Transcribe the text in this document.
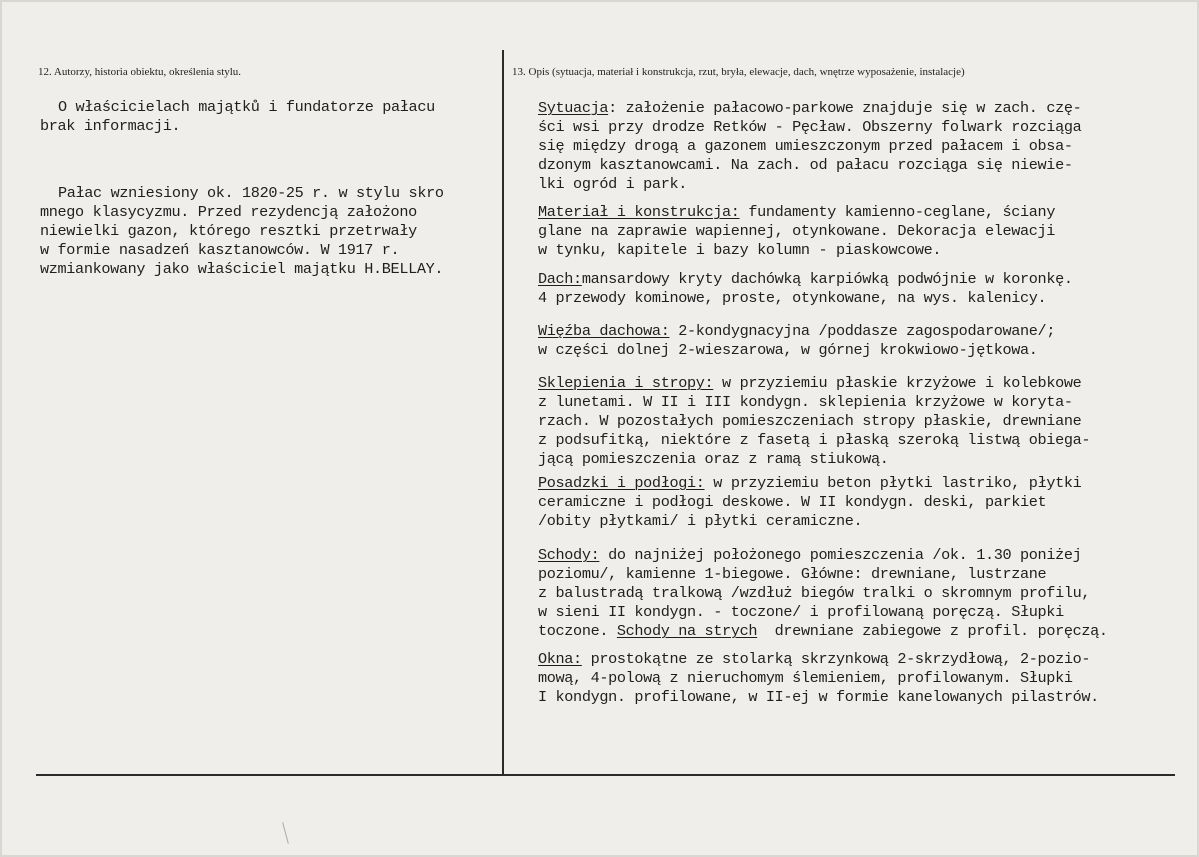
12. Autorzy, historia obiektu, określenia stylu.	13. Opis (sytuacja, materiał i konstrukcja, rzut, bryła, elewacje, dach, wnętrze wyposażenie, instalacje)
O właścicielach majątků i fundatorze pałacu
brak informacji.
Pałac wzniesiony ok. 1820-25 r. w stylu skro
mnego klasycyzmu. Przed rezydencją założono
niewielki gazon, którego resztki przetrwały
w formie nasadzeń kasztanowców. W 1917 r.
wzmiankowany jako właściciel majątku H.BELLAY.
Sytuacja: założenie pałacowo-parkowe znajduje się w zach. czę-
ści wsi przy drodze Retków - Pęcław. Obszerny folwark rozciąga
się między drogą a gazonem umieszczonym przed pałacem i obsa-
dzonym kasztanowcami. Na zach. od pałacu rozciąga się niewie-
lki ogród i park.
Materiał i konstrukcja: fundamenty kamienno-ceglane, ściany
glane na zaprawie wapiennej, otynkowane. Dekoracja elewacji
w tynku, kapitele i bazy kolumn - piaskowcowe.
Dach:mansardowy kryty dachówką karpiówką podwójnie w koronkę.
4 przewody kominowe, proste, otynkowane, na wys. kalenicy.
Więźba dachowa: 2-kondygnacyjna /poddasze zagospodarowane/;
w części dolnej 2-wieszarowa, w górnej krokwiowo-jętkowa.
Sklepienia i stropy: w przyziemiu płaskie krzyżowe i kolebkowe
z lunetami. W II i III kondygn. sklepienia krzyżowe w koryta-
rzach. W pozostałych pomieszczeniach stropy płaskie, drewniane
z podsufitką, niektóre z fasetą i płaską szeroką listwą obiega-
jącą pomieszczenia oraz z ramą stiukową.
Posadzki i podłogi: w przyziemiu beton płytki lastriko, płytki
ceramiczne i podłogi deskowe. W II kondygn. deski, parkiet
/obity płytkami/ i płytki ceramiczne.
Schody: do najniżej położonego pomieszczenia /ok. 1.30 poniżej
poziomu/, kamienne 1-biegowe. Główne: drewniane, lustrzane
z balustradą tralkową /wzdłuż biegów tralki o skromnym profilu,
w sieni II kondygn. - toczone/ i profilowaną poręczą. Słupki
toczone. Schody na strych  drewniane zabiegowe z profil. poręczą.
Okna: prostokątne ze stolarką skrzynkową 2-skrzydłową, 2-pozio-
mową, 4-polową z nieruchomym ślemieniem, profilowanym. Słupki
I kondygn. profilowane, w II-ej w formie kanelowanych pilastrów.
